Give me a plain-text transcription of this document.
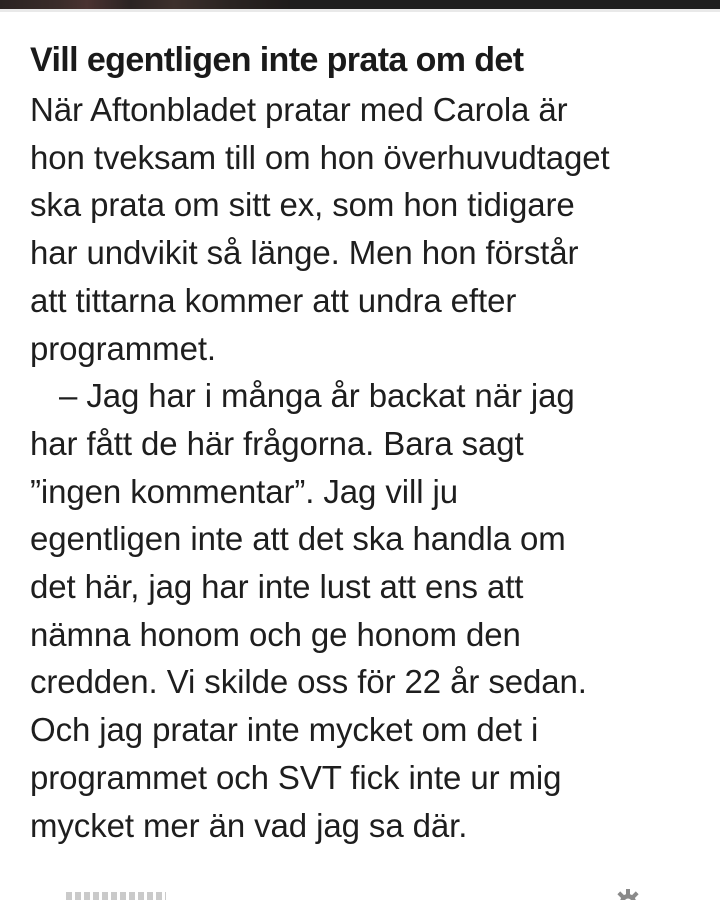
Vill egentligen inte prata om det

När Aftonbladet pratar med Carola är
hon tveksam till om hon överhuvudtaget
ska prata om sitt ex, som hon tidigare
har undvikit så länge. Men hon förstår
att tittarna kommer att undra efter
programmet.
– Jag har i många år backat när jag
har fått de här frågorna. Bara sagt
”ingen kommentar”. Jag vill ju
egentligen inte att det ska handla om
det här, jag har inte lust att ens att
nämna honom och ge honom den
credden. Vi skilde oss för 22 år sedan.
Och jag pratar inte mycket om det i
programmet och SVT fick inte ur mig
mycket mer än vad jag sa där.
